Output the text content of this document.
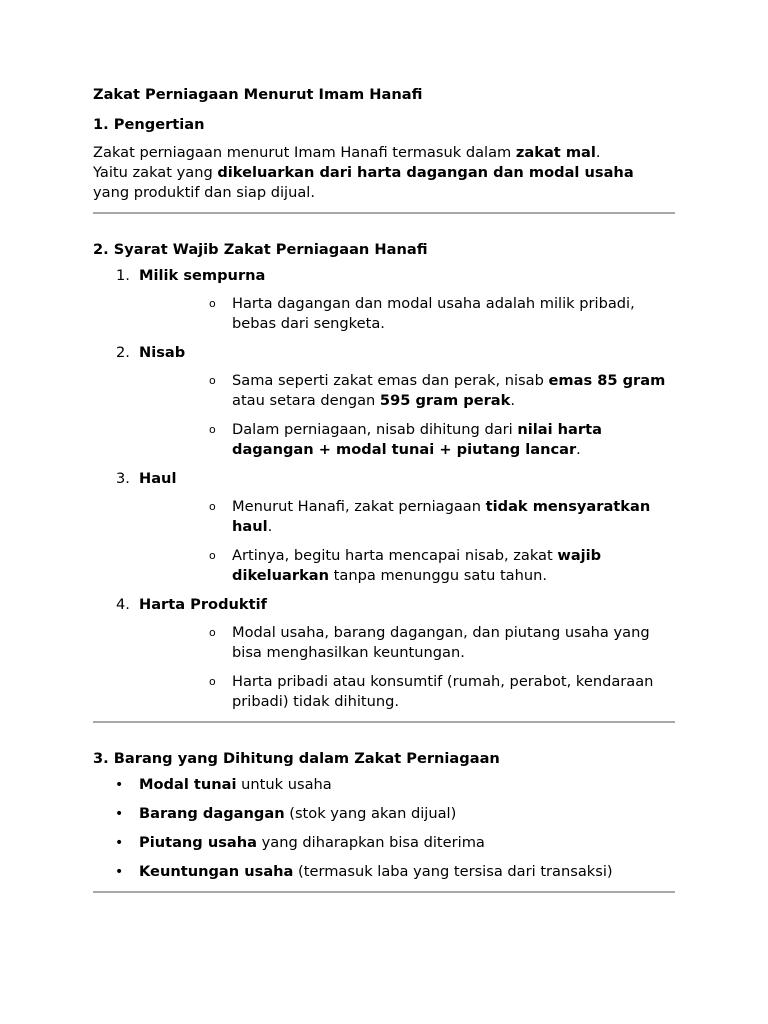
Zakat Perniagaan Menurut Imam Hanafi
1. Pengertian

Zakat perniagaan menurut Imam Hanafi termasuk dalam zakat mal.
Yaitu zakat yang dikeluarkan dari harta dagangan dan modal usaha
yang produktif dan siap dijual.

2. Syarat Wajib Zakat Perniagaan Hanafi
1. Milik sempurna
o Harta dagangan dan modal usaha adalah milik pribadi, bebas dari sengketa.
2. Nisab
o Sama seperti zakat emas dan perak, nisab emas 85 gram atau setara dengan 595 gram perak.
o Dalam perniagaan, nisab dihitung dari nilai harta dagangan + modal tunai + piutang lancar.
3. Haul
o Menurut Hanafi, zakat perniagaan tidak mensyaratkan haul.
o Artinya, begitu harta mencapai nisab, zakat wajib dikeluarkan tanpa menunggu satu tahun.
4. Harta Produktif
o Modal usaha, barang dagangan, dan piutang usaha yang bisa menghasilkan keuntungan.
o Harta pribadi atau konsumtif (rumah, perabot, kendaraan pribadi) tidak dihitung.
3. Barang yang Dihitung dalam Zakat Perniagaan
• Modal tunai untuk usaha
• Barang dagangan (stok yang akan dijual)
• Piutang usaha yang diharapkan bisa diterima
• Keuntungan usaha (termasuk laba yang tersisa dari transaksi)
